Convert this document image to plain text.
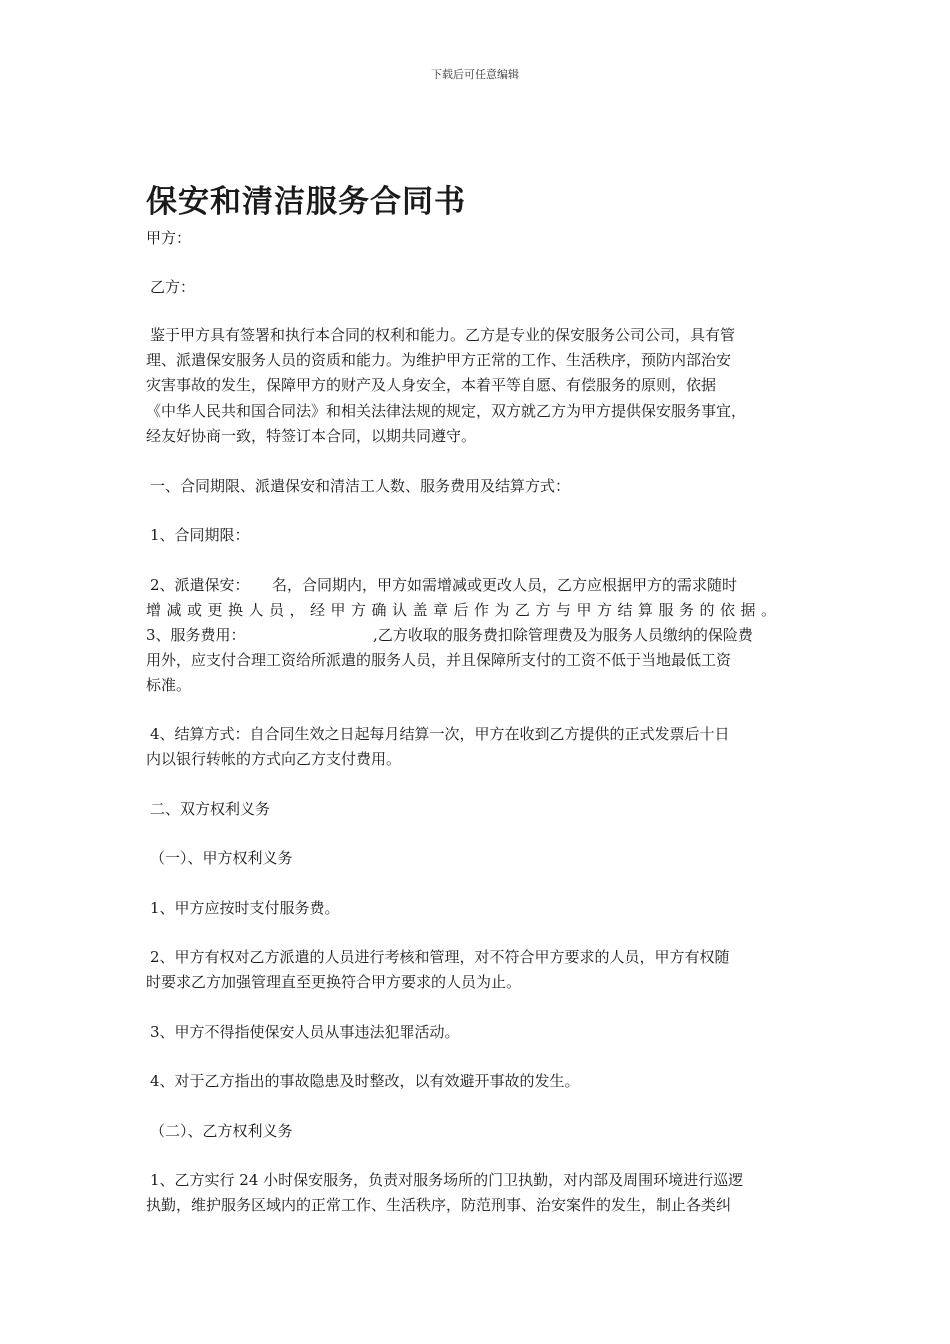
下载后可任意编辑
保安和清洁服务合同书

甲方：

乙方：

鉴于甲方具有签署和执行本合同的权利和能力。乙方是专业的保安服务公司公司，具有管

理、派遣保安服务人员的资质和能力。为维护甲方正常的工作、生活秩序，预防内部治安

灾害事故的发生，保障甲方的财产及人身安全，本着平等自愿、有偿服务的原则，依据

《中华人民共和国合同法》和相关法律法规的规定，双方就乙方为甲方提供保安服务事宜，

经友好协商一致，特签订本合同，以期共同遵守。

一、合同期限、派遣保安和清洁工人数、服务费用及结算方式：

1、合同期限：

2、派遣保安：　　名，合同期内，甲方如需增减或更改人员，乙方应根据甲方的需求随时

增减或更换人员，经甲方确认盖章后作为乙方与甲方结算服务的依据。

3、服务费用：　　　　　　　　　,乙方收取的服务费扣除管理费及为服务人员缴纳的保险费

用外，应支付合理工资给所派遣的服务人员，并且保障所支付的工资不低于当地最低工资

标准。

4、结算方式：自合同生效之日起每月结算一次，甲方在收到乙方提供的正式发票后十日

内以银行转帐的方式向乙方支付费用。

二、双方权利义务

（一）、甲方权利义务

1、甲方应按时支付服务费。

2、甲方有权对乙方派遣的人员进行考核和管理，对不符合甲方要求的人员，甲方有权随

时要求乙方加强管理直至更换符合甲方要求的人员为止。

3、甲方不得指使保安人员从事违法犯罪活动。

4、对于乙方指出的事故隐患及时整改，以有效避开事故的发生。

（二）、乙方权利义务

1、乙方实行 24 小时保安服务，负责对服务场所的门卫执勤，对内部及周围环境进行巡逻

执勤，维护服务区域内的正常工作、生活秩序，防范刑事、治安案件的发生，制止各类纠
